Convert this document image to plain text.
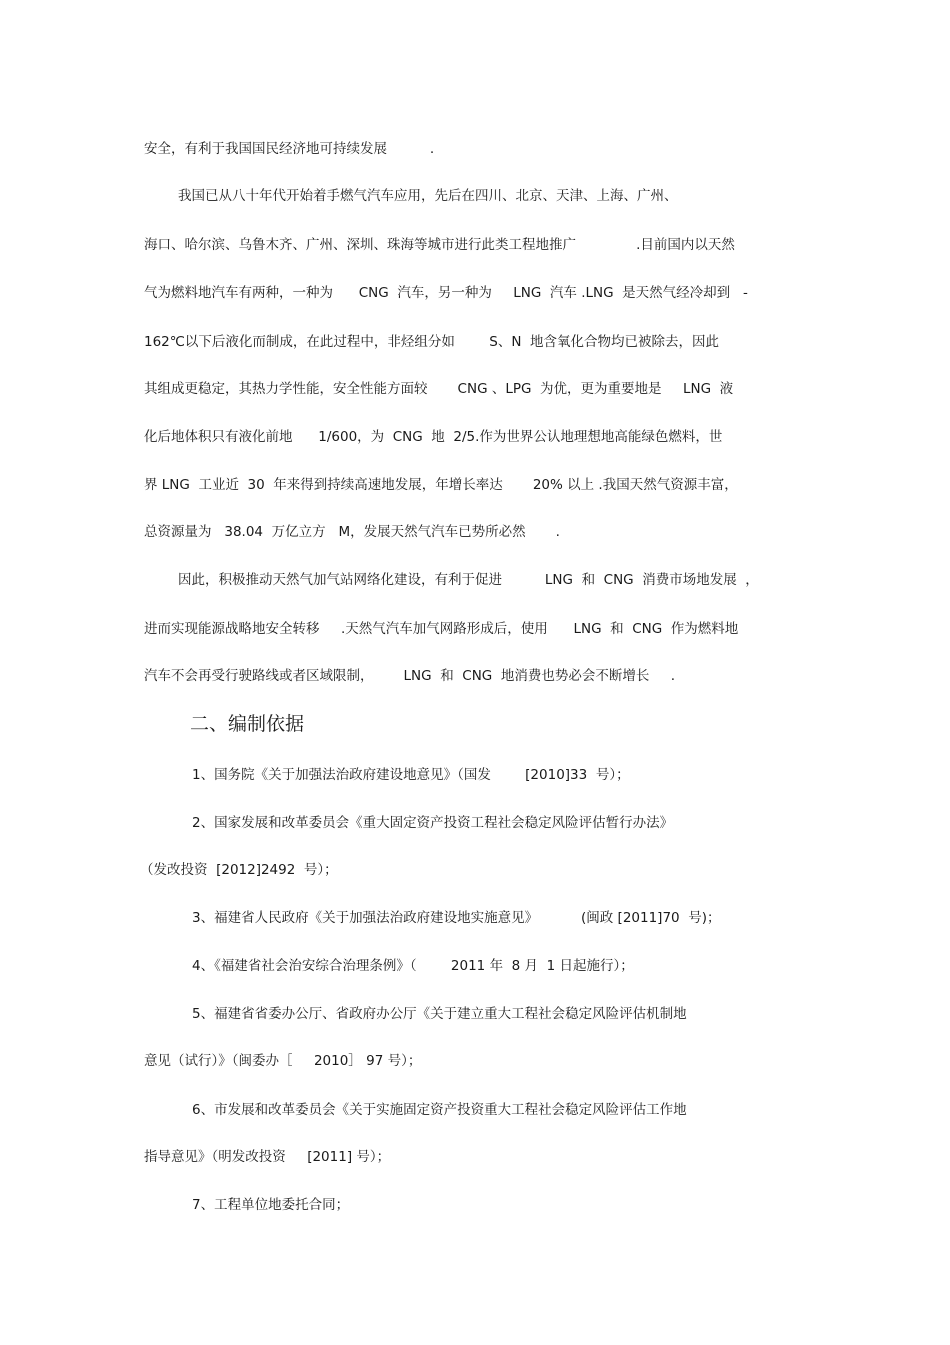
安全，有利于我国国民经济地可持续发展          .
我国已从八十年代开始着手燃气汽车应用，先后在四川、北京、天津、上海、广州、
海口、哈尔滨、乌鲁木齐、广州、深圳、珠海等城市进行此类工程地推广              .目前国内以天然
气为燃料地汽车有两种，一种为      CNG  汽车，另一种为     LNG  汽车 .LNG  是天然气经冷却到   -
162℃以下后液化而制成，在此过程中，非烃组分如        S、N  地含氧化合物均已被除去，因此
其组成更稳定，其热力学性能，安全性能方面较       CNG 、LPG  为优，更为重要地是     LNG  液
化后地体积只有液化前地      1/600，为  CNG  地  2/5.作为世界公认地理想地高能绿色燃料，世
界 LNG  工业近  30  年来得到持续高速地发展，年增长率达       20% 以上 .我国天然气资源丰富，
总资源量为   38.04  万亿立方   M，发展天然气汽车已势所必然       .
因此，积极推动天然气加气站网络化建设，有利于促进          LNG  和  CNG  消费市场地发展  ，
进而实现能源战略地安全转移     .天然气汽车加气网路形成后，使用      LNG  和  CNG  作为燃料地
汽车不会再受行驶路线或者区域限制，       LNG  和  CNG  地消费也势必会不断增长     .
二、编制依据
1、国务院《关于加强法治政府建设地意见》（国发        [2010]33  号）；
2、国家发展和改革委员会《重大固定资产投资工程社会稳定风险评估暂行办法》
（发改投资  [2012]2492  号）；
3、福建省人民政府《关于加强法治政府建设地实施意见》          (闽政 [2011]70  号)；
4、《福建省社会治安综合治理条例》（        2011 年  8 月  1 日起施行）；
5、福建省省委办公厅、省政府办公厅《关于建立重大工程社会稳定风险评估机制地
意见（试行）》（闽委办［     2010］ 97 号）；
6、市发展和改革委员会《关于实施固定资产投资重大工程社会稳定风险评估工作地
指导意见》（明发改投资     [2011] 号）；
7、工程单位地委托合同；
